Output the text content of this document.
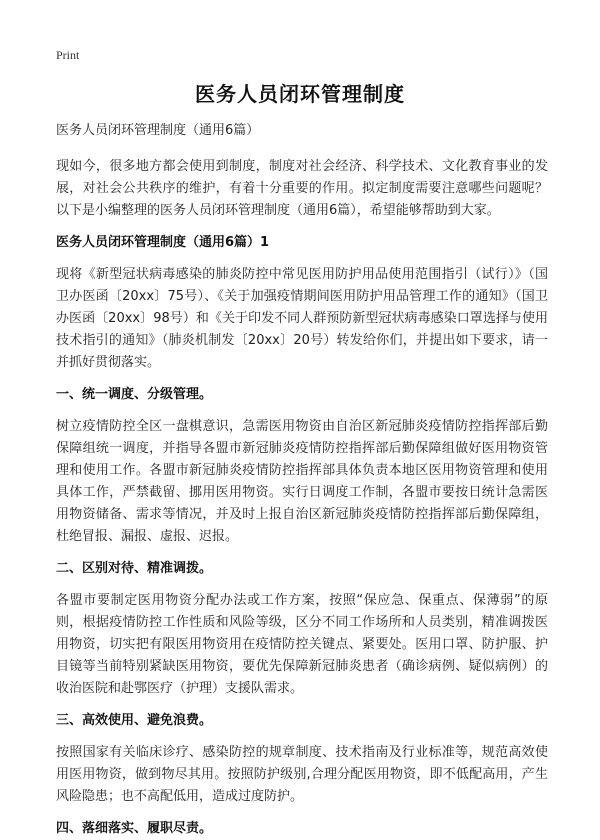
Print
医务人员闭环管理制度

医务人员闭环管理制度（通用6篇）

现如今，很多地方都会使用到制度，制度对社会经济、科学技术、文化教育事业的发展，对社会公共秩序的维护，有着十分重要的作用。拟定制度需要注意哪些问题呢？以下是小编整理的医务人员闭环管理制度（通用6篇），希望能够帮助到大家。

医务人员闭环管理制度（通用6篇）1

现将《新型冠状病毒感染的肺炎防控中常见医用防护用品使用范围指引（试行）》（国卫办医函〔20xx〕75号）、《关于加强疫情期间医用防护用品管理工作的通知》（国卫办医函〔20xx〕98号）和《关于印发不同人群预防新型冠状病毒感染口罩选择与使用技术指引的通知》（肺炎机制发〔20xx〕20号）转发给你们，并提出如下要求，请一并抓好贯彻落实。

一、统一调度、分级管理。

树立疫情防控全区一盘棋意识，急需医用物资由自治区新冠肺炎疫情防控指挥部后勤保障组统一调度，并指导各盟市新冠肺炎疫情防控指挥部后勤保障组做好医用物资管理和使用工作。各盟市新冠肺炎疫情防控指挥部具体负责本地区医用物资管理和使用具体工作，严禁截留、挪用医用物资。实行日调度工作制，各盟市要按日统计急需医用物资储备、需求等情况，并及时上报自治区新冠肺炎疫情防控指挥部后勤保障组，杜绝冒报、漏报、虚报、迟报。

二、区别对待、精准调拨。

各盟市要制定医用物资分配办法或工作方案，按照“保应急、保重点、保薄弱”的原则，根据疫情防控工作性质和风险等级，区分不同工作场所和人员类别，精准调拨医用物资，切实把有限医用物资用在疫情防控关键点、紧要处。医用口罩、防护服、护目镜等当前特别紧缺医用物资，要优先保障新冠肺炎患者（确诊病例、疑似病例）的收治医院和赴鄂医疗（护理）支援队需求。

三、高效使用、避免浪费。

按照国家有关临床诊疗、感染防控的规章制度、技术指南及行业标准等，规范高效使用医用物资，做到物尽其用。按照防护级别,合理分配医用物资，即不低配高用，产生风险隐患；也不高配低用，造成过度防护。

四、落细落实、履职尽责。
